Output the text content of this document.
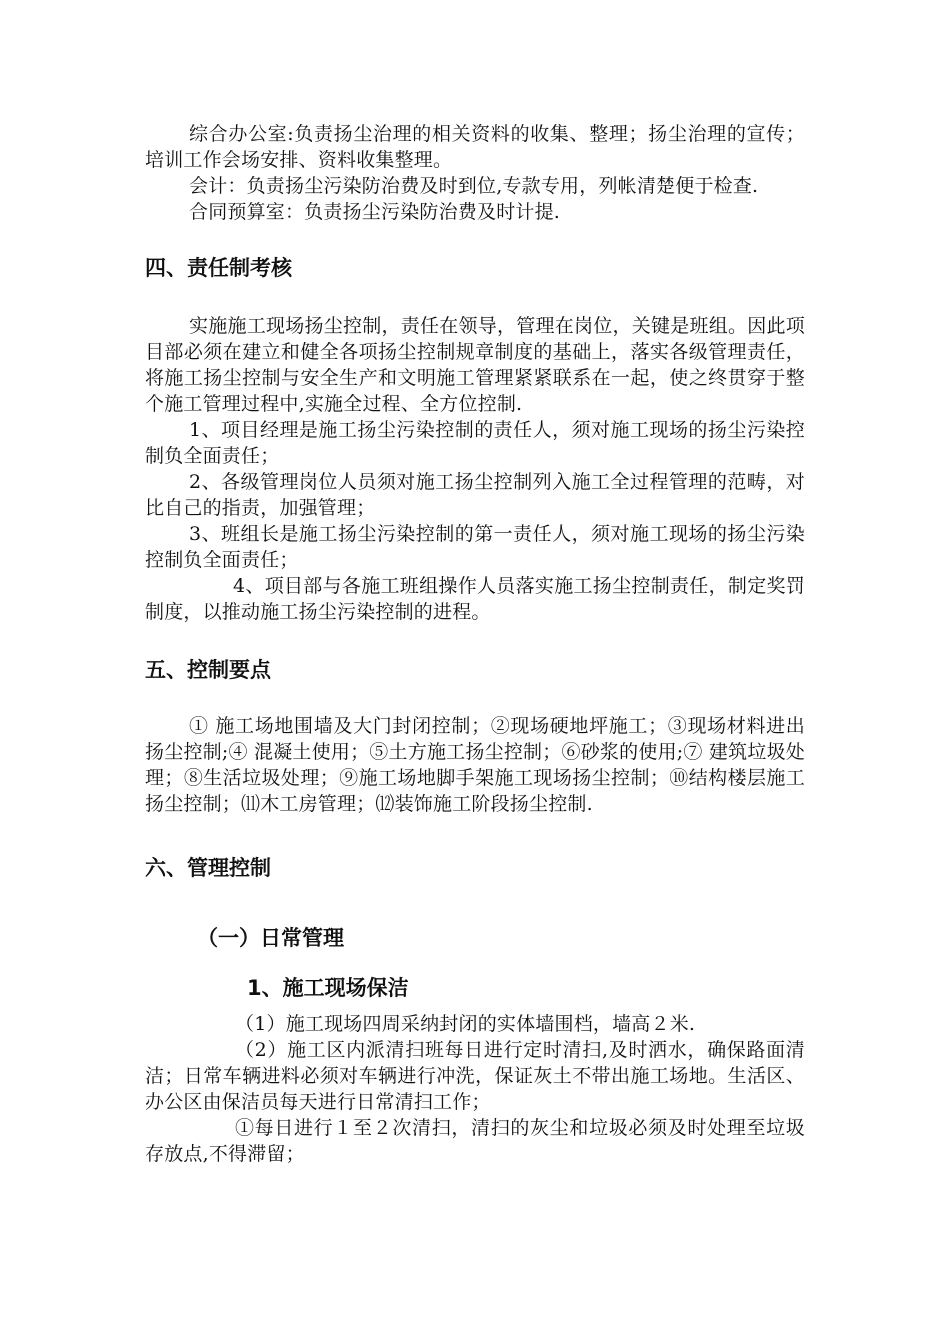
综合办公室:负责扬尘治理的相关资料的收集、整理；扬尘治理的宣传；培训工作会场安排、资料收集整理。

会计：负责扬尘污染防治费及时到位,专款专用，列帐清楚便于检查.

合同预算室：负责扬尘污染防治费及时计提.

四、责任制考核

实施施工现场扬尘控制，责任在领导，管理在岗位，关键是班组。因此项目部必须在建立和健全各项扬尘控制规章制度的基础上，落实各级管理责任，将施工扬尘控制与安全生产和文明施工管理紧紧联系在一起，使之终贯穿于整个施工管理过程中,实施全过程、全方位控制.

1、项目经理是施工扬尘污染控制的责任人，须对施工现场的扬尘污染控制负全面责任；

2、各级管理岗位人员须对施工扬尘控制列入施工全过程管理的范畴，对比自己的指责，加强管理；

3、班组长是施工扬尘污染控制的第一责任人，须对施工现场的扬尘污染控制负全面责任；

4、项目部与各施工班组操作人员落实施工扬尘控制责任，制定奖罚制度，以推动施工扬尘污染控制的进程。

五、控制要点

① 施工场地围墙及大门封闭控制；②现场硬地坪施工；③现场材料进出扬尘控制;④ 混凝土使用；⑤土方施工扬尘控制；⑥砂浆的使用;⑦ 建筑垃圾处理；⑧生活垃圾处理；⑨施工场地脚手架施工现场扬尘控制；⑩结构楼层施工扬尘控制；⑾木工房管理；⑿装饰施工阶段扬尘控制.

六、管理控制
（一）日常管理
1、施工现场保洁

（1）施工现场四周采纳封闭的实体墙围档，墙高２米.

（2）施工区内派清扫班每日进行定时清扫,及时洒水，确保路面清洁；日常车辆进料必须对车辆进行冲洗，保证灰土不带出施工场地。生活区、办公区由保洁员每天进行日常清扫工作；

①每日进行１至２次清扫，清扫的灰尘和垃圾必须及时处理至垃圾存放点,不得滞留；
